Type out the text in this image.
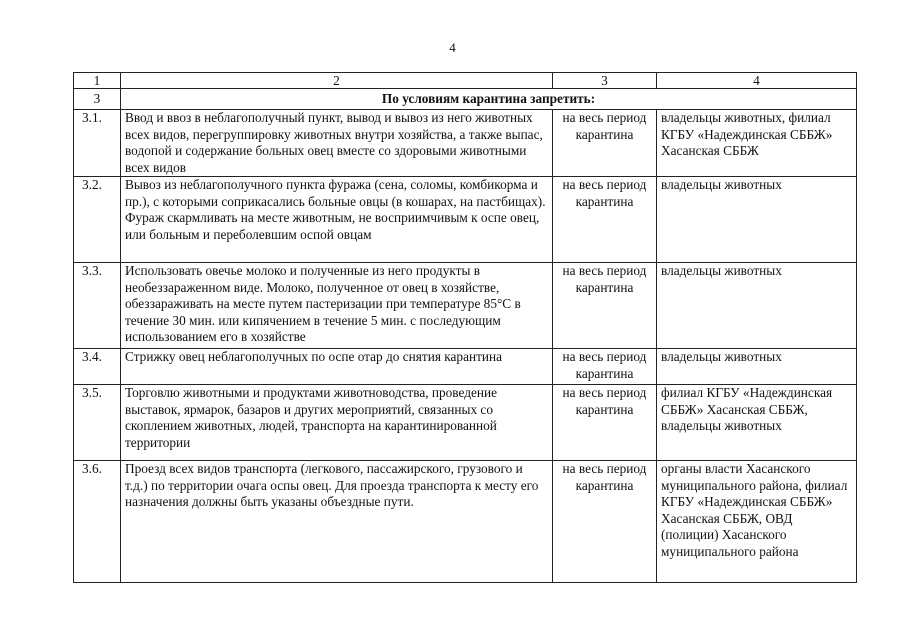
4
1	2	3	4
3	По условиям карантина запретить:		
3.1.	Ввод и ввоз в неблагополучный пункт, вывод и вывоз из него животных всех видов, перегруппировку животных внутри хозяйства, а также выпас, водопой и содержание больных овец вместе со здоровыми животными всех видов	на весь период карантина	владельцы животных, филиал КГБУ «Надеждинская СББЖ» Хасанская СББЖ
3.2.	Вывоз из неблагополучного пункта фуража (сена, соломы, комбикорма и пр.), с которыми соприкасались больные овцы (в кошарах, на пастбищах). Фураж скармливать на месте животным, не восприимчивым к оспе овец, или больным и переболевшим оспой овцам	на весь период карантина	владельцы животных
3.3.	Использовать овечье молоко и полученные из него продукты в необеззараженном виде. Молоко, полученное от овец в хозяйстве, обеззараживать на месте путем пастеризации при температуре 85°С в течение 30 мин. или кипячением в течение 5 мин. с последующим использованием его в хозяйстве	на весь период карантина	владельцы животных
3.4.	Стрижку овец неблагополучных по оспе отар до снятия карантина	на весь период карантина	владельцы животных
3.5.	Торговлю животными и продуктами животноводства, проведение выставок, ярмарок, базаров и других мероприятий, связанных со скоплением животных, людей, транспорта на карантинированной территории	на весь период карантина	филиал КГБУ «Надеждинская СББЖ» Хасанская СББЖ, владельцы животных
3.6.	Проезд всех видов транспорта (легкового, пассажирского, грузового и т.д.) по территории очага оспы овец. Для проезда транспорта к месту его назначения должны быть указаны объездные пути.	на весь период карантина	органы власти Хасанского муниципального района, филиал КГБУ «Надеждинская СББЖ» Хасанская СББЖ, ОВД (полиции) Хасанского муниципального района
